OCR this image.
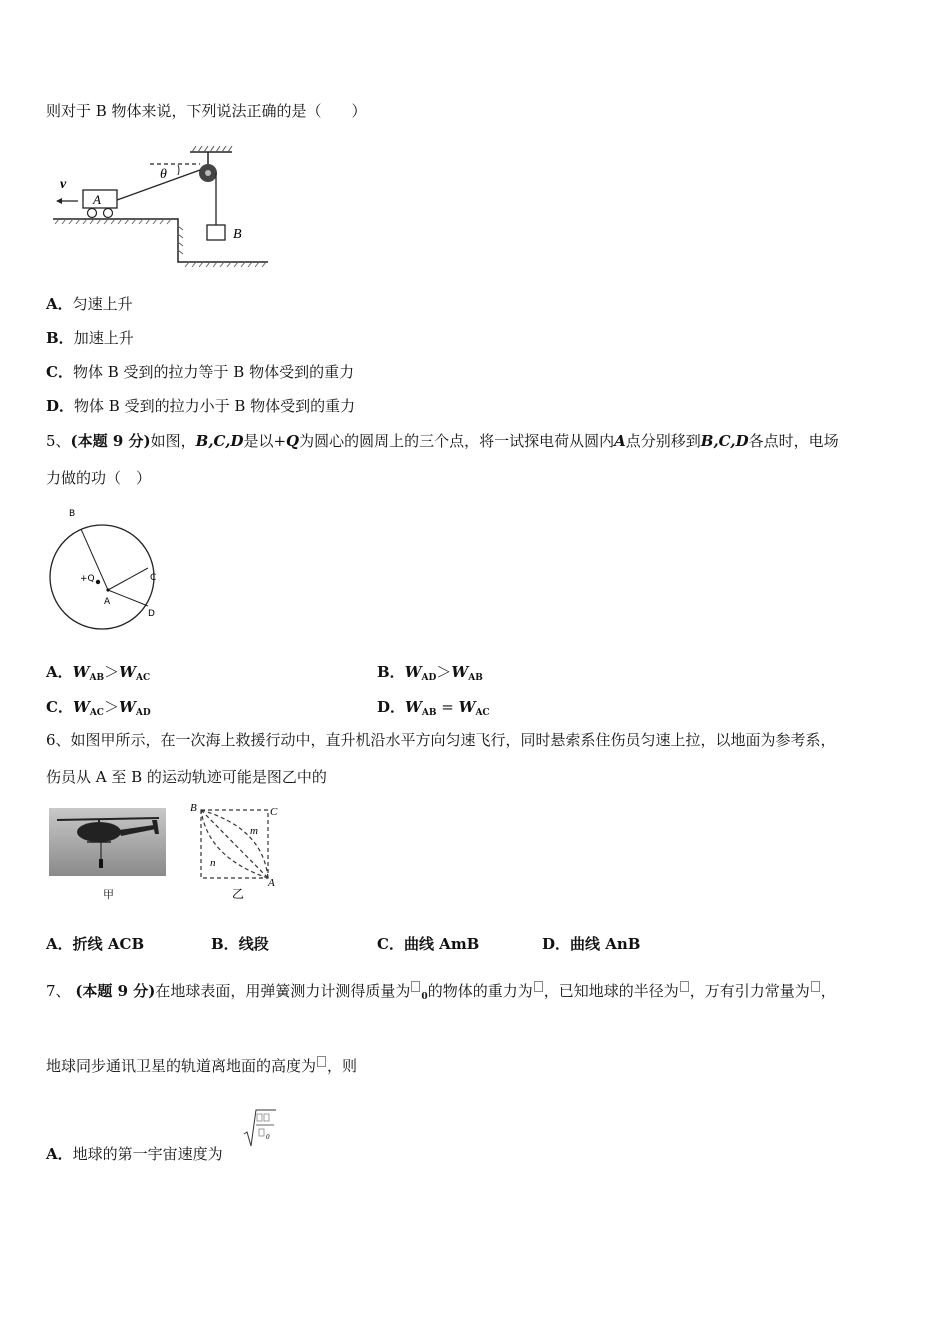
则对于 B 物体来说，下列说法正确的是（　　）
B
A
v
θ
A．匀速上升
B．加速上升
C．物体 B 受到的拉力等于 B 物体受到的重力
D．物体 B 受到的拉力小于 B 物体受到的重力
5、(本题 9 分)如图，B,C,D是以+Q为圆心的圆周上的三个点，将一试探电荷从圆内A点分别移到B,C,D各点时，电场
力做的功（　）
B
C
D
+Q
A
A．$W_{AB}>W_{AC}$	B．$W_{AD}>W_{AB}$
C．$W_{AC}>W_{AD}$	D．$W_{AB} = W_{AC}$
6、如图甲所示，在一次海上救援行动中，直升机沿水平方向匀速飞行，同时悬索系住伤员匀速上拉，以地面为参考系，
伤员从 A 至 B 的运动轨迹可能是图乙中的
甲
B	C
m
n
A
乙
A．折线 ACB	B．线段	C．曲线 AmB	D．曲线 AnB
7、 (本题 9 分)在地球表面，用弹簧测力计测得质量为 $_0$的物体的重力为 ，已知地球的半径为 ，万有引力常量为 ，
地球同步通讯卫星的轨道离地面的高度为 ，则
A．地球的第一宇宙速度为
0
